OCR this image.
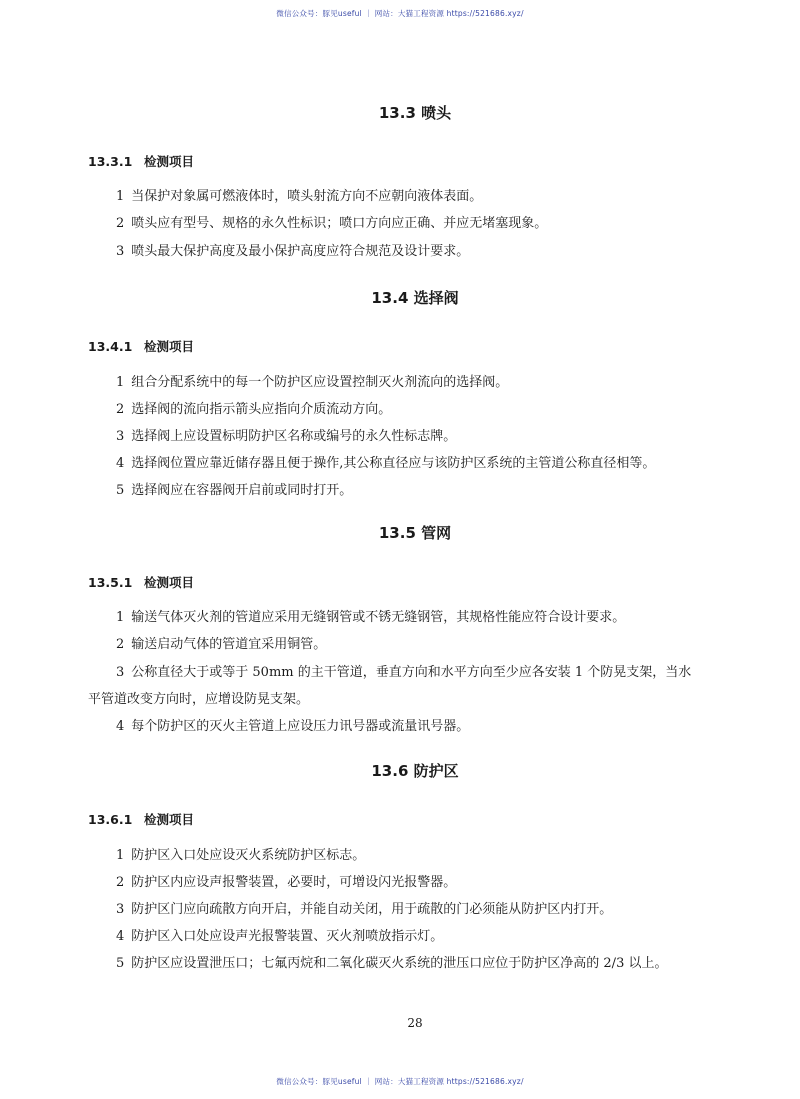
微信公众号：豚见useful ｜ 网站：大猫工程资源 https://521686.xyz/
13.3 喷头
13.3.1 检测项目
1 当保护对象属可燃液体时，喷头射流方向不应朝向液体表面。
2 喷头应有型号、规格的永久性标识；喷口方向应正确、并应无堵塞现象。
3 喷头最大保护高度及最小保护高度应符合规范及设计要求。
13.4 选择阀
13.4.1 检测项目
1 组合分配系统中的每一个防护区应设置控制灭火剂流向的选择阀。
2 选择阀的流向指示箭头应指向介质流动方向。
3 选择阀上应设置标明防护区名称或编号的永久性标志牌。
4 选择阀位置应靠近储存器且便于操作,其公称直径应与该防护区系统的主管道公称直径相等。
5 选择阀应在容器阀开启前或同时打开。
13.5 管网
13.5.1 检测项目
1 输送气体灭火剂的管道应采用无缝钢管或不锈无缝钢管，其规格性能应符合设计要求。
2 输送启动气体的管道宜采用铜管。
3 公称直径大于或等于 50mm 的主干管道，垂直方向和水平方向至少应各安装 1 个防晃支架，当水
平管道改变方向时，应增设防晃支架。
4 每个防护区的灭火主管道上应设压力讯号器或流量讯号器。
13.6 防护区
13.6.1 检测项目
1 防护区入口处应设灭火系统防护区标志。
2 防护区内应设声报警装置，必要时，可增设闪光报警器。
3 防护区门应向疏散方向开启，并能自动关闭，用于疏散的门必须能从防护区内打开。
4 防护区入口处应设声光报警装置、灭火剂喷放指示灯。
5 防护区应设置泄压口；七氟丙烷和二氧化碳灭火系统的泄压口应位于防护区净高的 2/3 以上。
28
微信公众号：豚见useful ｜ 网站：大猫工程资源 https://521686.xyz/
